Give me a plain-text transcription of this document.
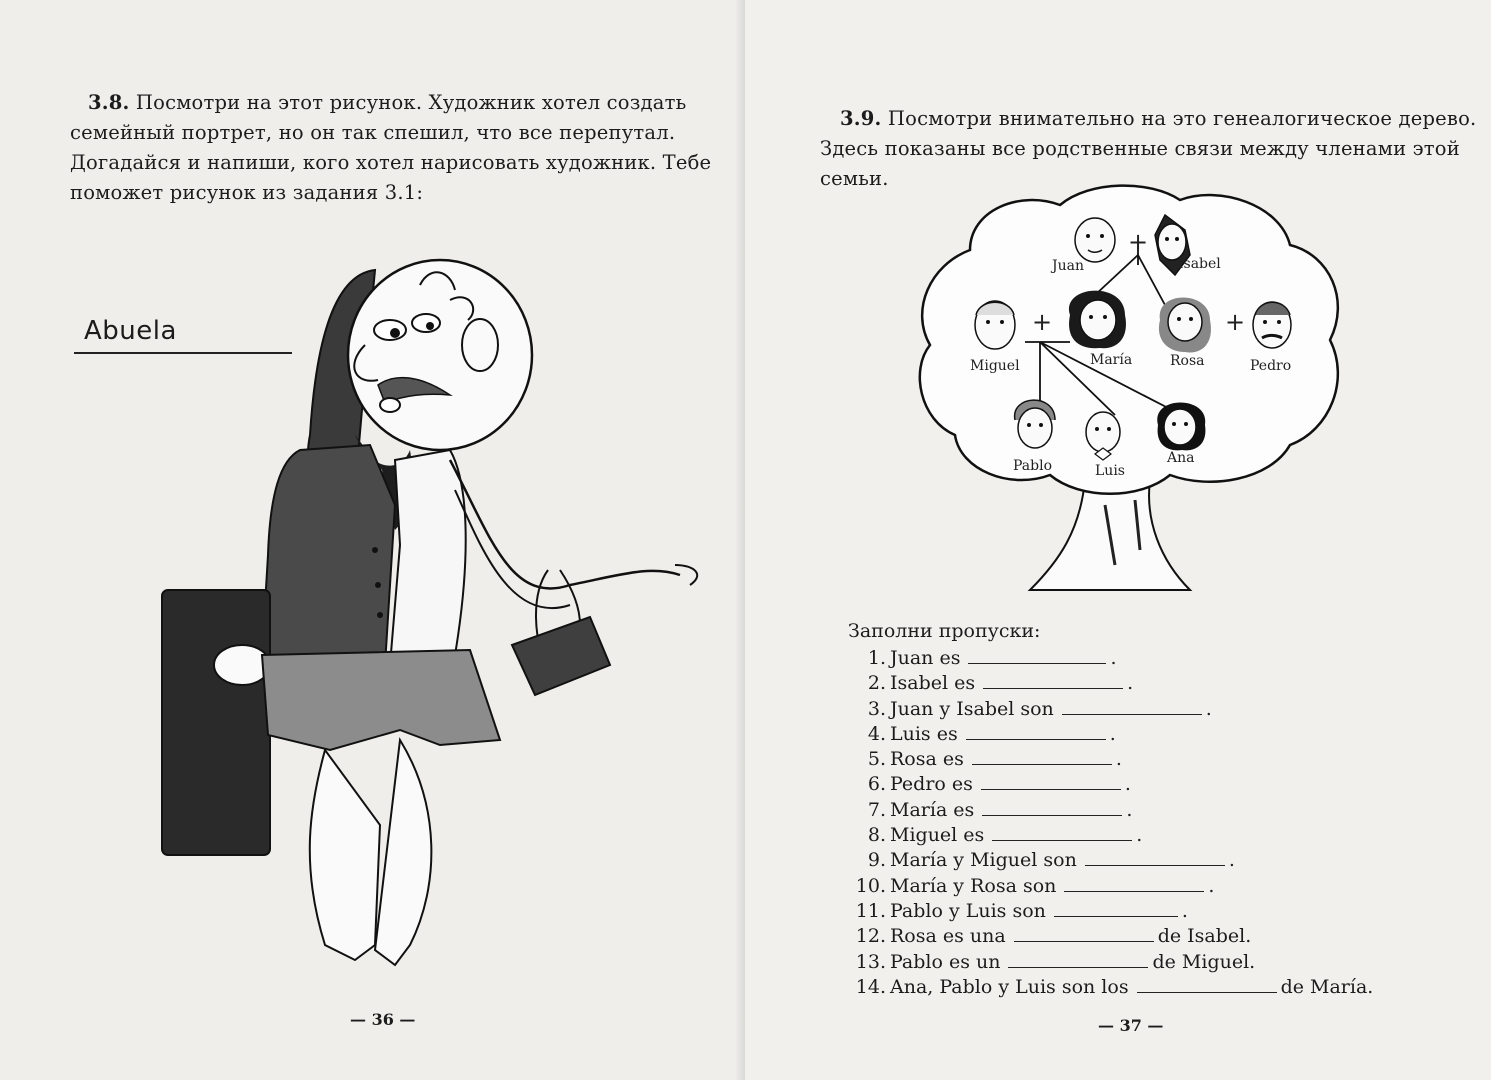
3.8. Посмотри на этот рисунок. Художник хотел создать
семейный портрет, но он так спешил, что все перепутал.
Догадайся и напиши, кого хотел нарисовать художник. Тебе
поможет рисунок из задания 3.1:

Abuela
— 36 —

3.9. Посмотри внимательно на это генеалогическое дерево.
Здесь показаны все родственные связи между членами этой
семьи.

+
+	+
Juan	Isabel
Miguel	María	Rosa	Pedro
Pablo	Luis
Ana
Заполни пропуски:
1. Juan es	.
2. Isabel es	.
3. Juan y Isabel son	.
4. Luis es	.
5. Rosa es	.
6. Pedro es	.
7. María es	.
8. Miguel es	.
9. María y Miguel son	.
10. María y Rosa son	.
11. Pablo y Luis son	.
12. Rosa es una	de Isabel.
13. Pablo es un	de Miguel.
14. Ana, Pablo y Luis son los	de María.
— 37 —
